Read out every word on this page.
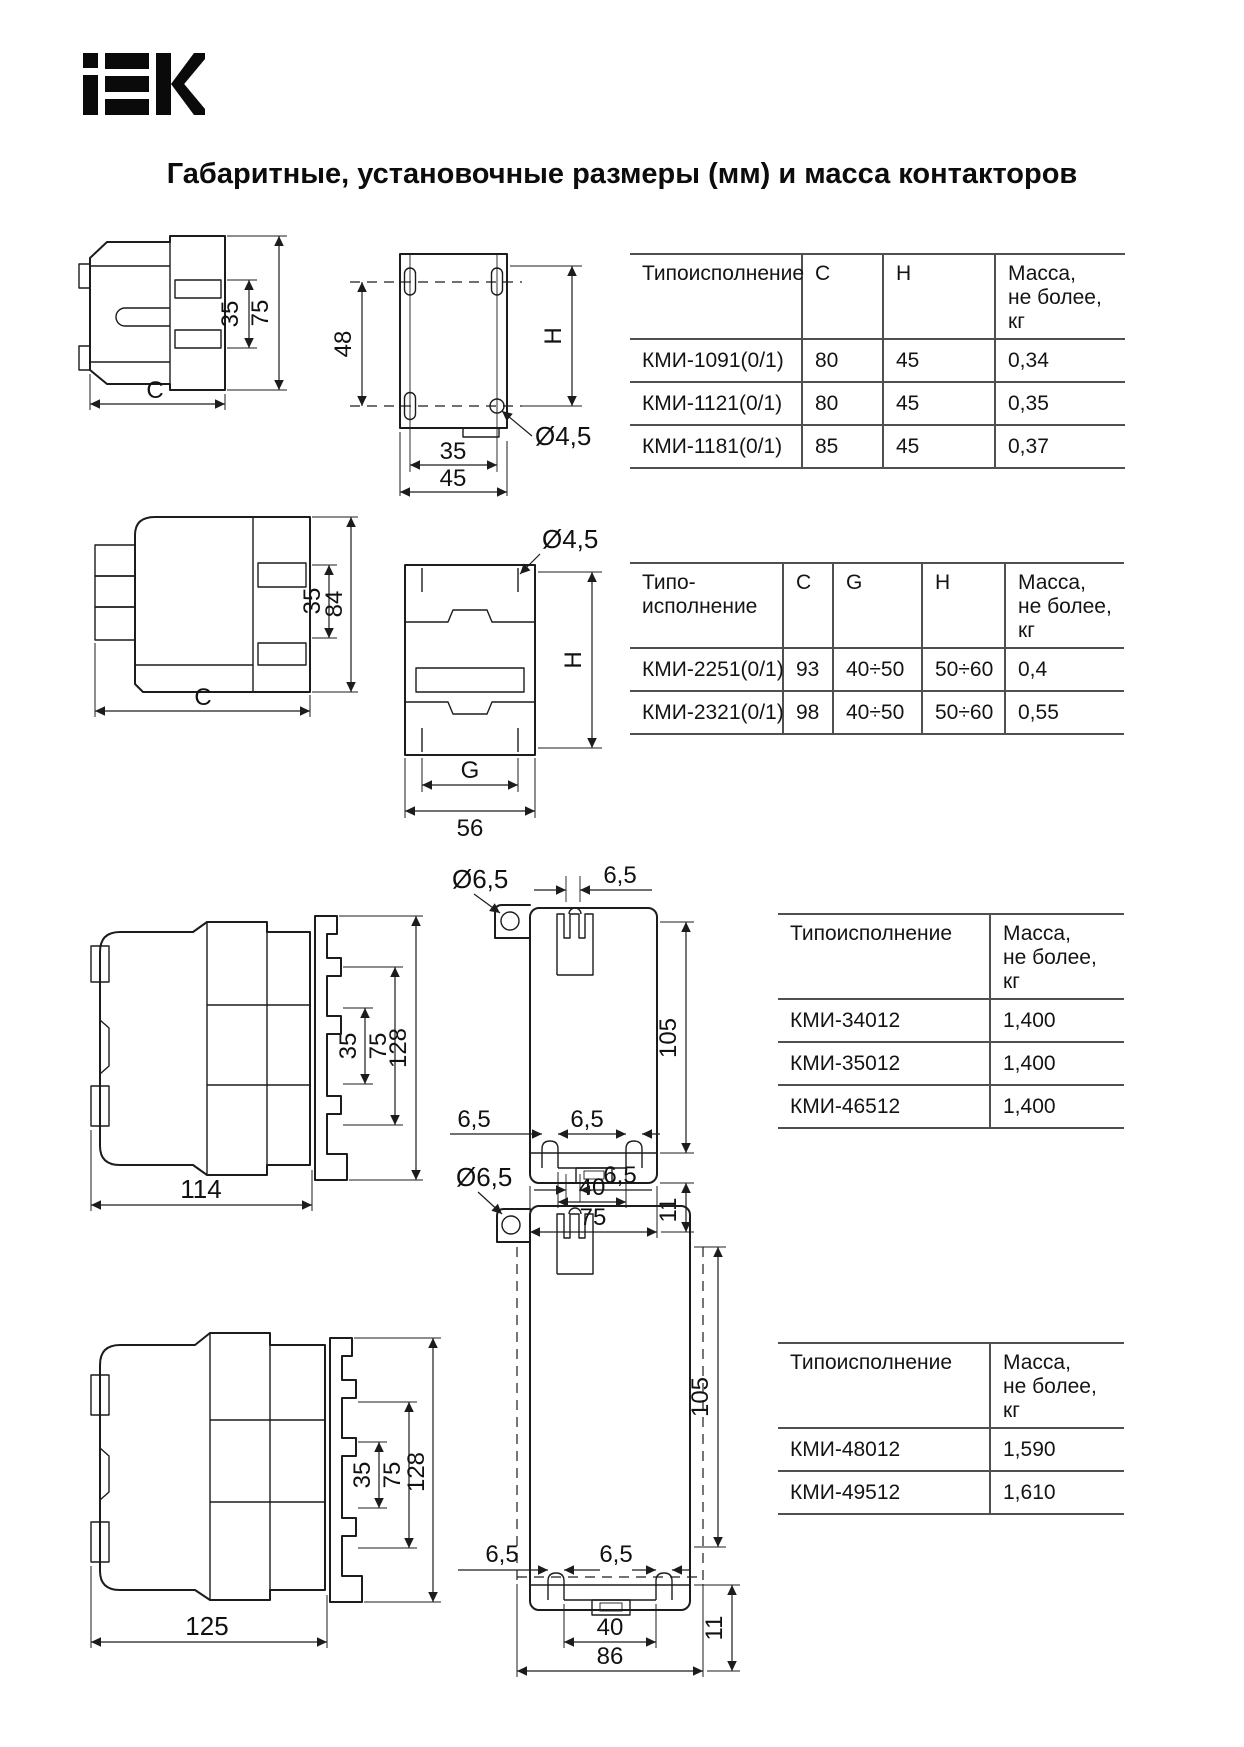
Габаритные, установочные размеры (мм) и масса контакторов
35 75
C
48	H
35
45
Ø4,5
Типоисполнение	C	H	Масса,
не более, кг
КМИ-1091(0/1)	80	45	0,34
КМИ-1121(0/1)	80	45	0,35
КМИ-1181(0/1)	85	45	0,37
35
84
C
Ø4,5
H
G
56
Типо-
исполнение	C	G	H	Масса,
не более, кг
КМИ-2251(0/1)	93	40÷50	50÷60	0,4
КМИ-2321(0/1)	98	40÷50	50÷60	0,55
35 75
128
114
Ø6,5	6,5
105
6,5	6,5
40
75 11
Типоисполнение	Масса,
не более, кг
КМИ-34012	1,400
КМИ-35012	1,400
КМИ-46512	1,400
35 75
128
125
Ø6,5	6,5
105
6,5	6,5
40
86
11
Типоисполнение	Масса,
не более, кг
КМИ-48012	1,590
КМИ-49512	1,610
